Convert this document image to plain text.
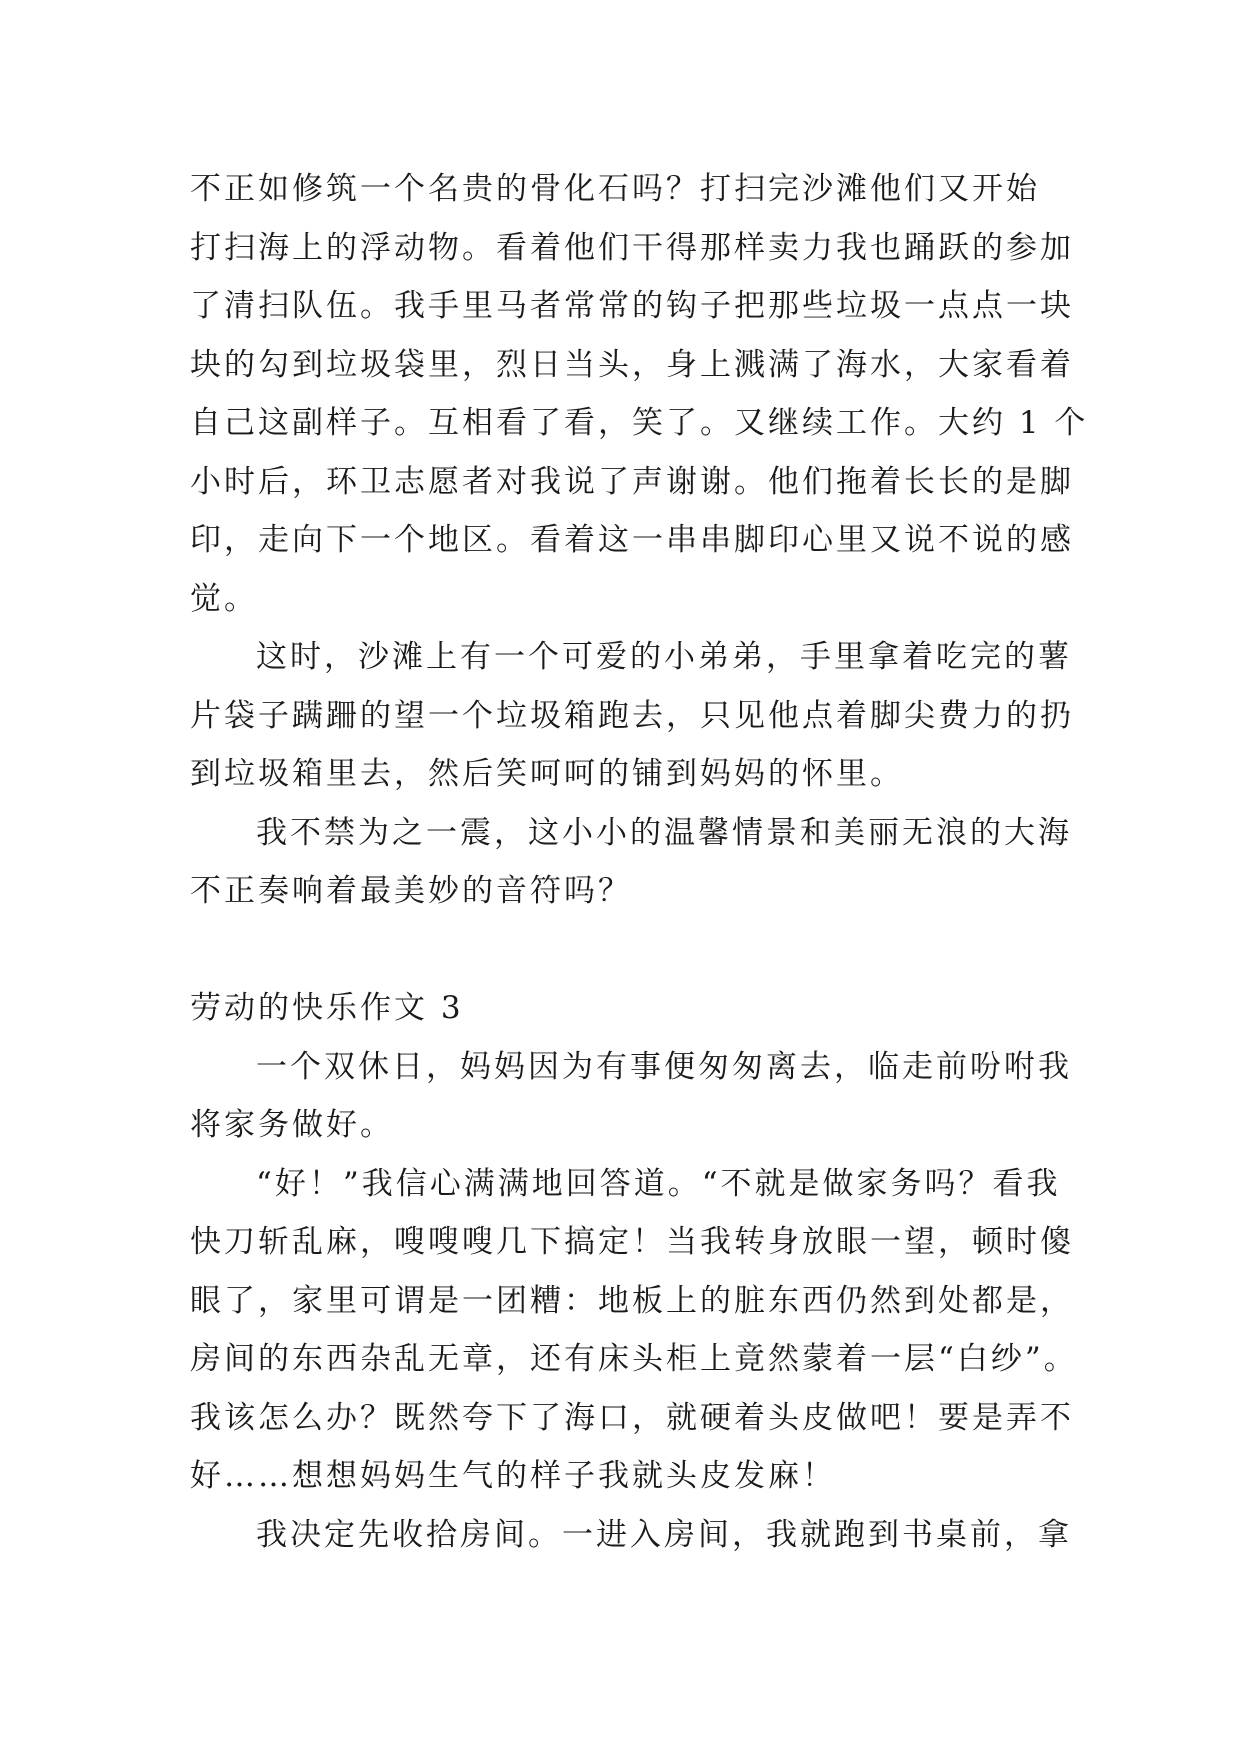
不正如修筑一个名贵的骨化石吗？打扫完沙滩他们又开始
打扫海上的浮动物。看着他们干得那样卖力我也踊跃的参加
了清扫队伍。我手里马者常常的钩子把那些垃圾一点点一块
块的勾到垃圾袋里，烈日当头，身上溅满了海水，大家看着
自己这副样子。互相看了看，笑了。又继续工作。大约 1 个
小时后，环卫志愿者对我说了声谢谢。他们拖着长长的是脚
印，走向下一个地区。看着这一串串脚印心里又说不说的感
觉。
这时，沙滩上有一个可爱的小弟弟，手里拿着吃完的薯
片袋子蹒跚的望一个垃圾箱跑去，只见他点着脚尖费力的扔
到垃圾箱里去，然后笑呵呵的铺到妈妈的怀里。
我不禁为之一震，这小小的温馨情景和美丽无浪的大海
不正奏响着最美妙的音符吗？
劳动的快乐作文 3
一个双休日，妈妈因为有事便匆匆离去，临走前吩咐我
将家务做好。
“好！”我信心满满地回答道。“不就是做家务吗？看我
快刀斩乱麻，嗖嗖嗖几下搞定！当我转身放眼一望，顿时傻
眼了，家里可谓是一团糟：地板上的脏东西仍然到处都是，
房间的东西杂乱无章，还有床头柜上竟然蒙着一层“白纱”。
我该怎么办？既然夸下了海口，就硬着头皮做吧！要是弄不
好……想想妈妈生气的样子我就头皮发麻！
我决定先收拾房间。一进入房间，我就跑到书桌前，拿
